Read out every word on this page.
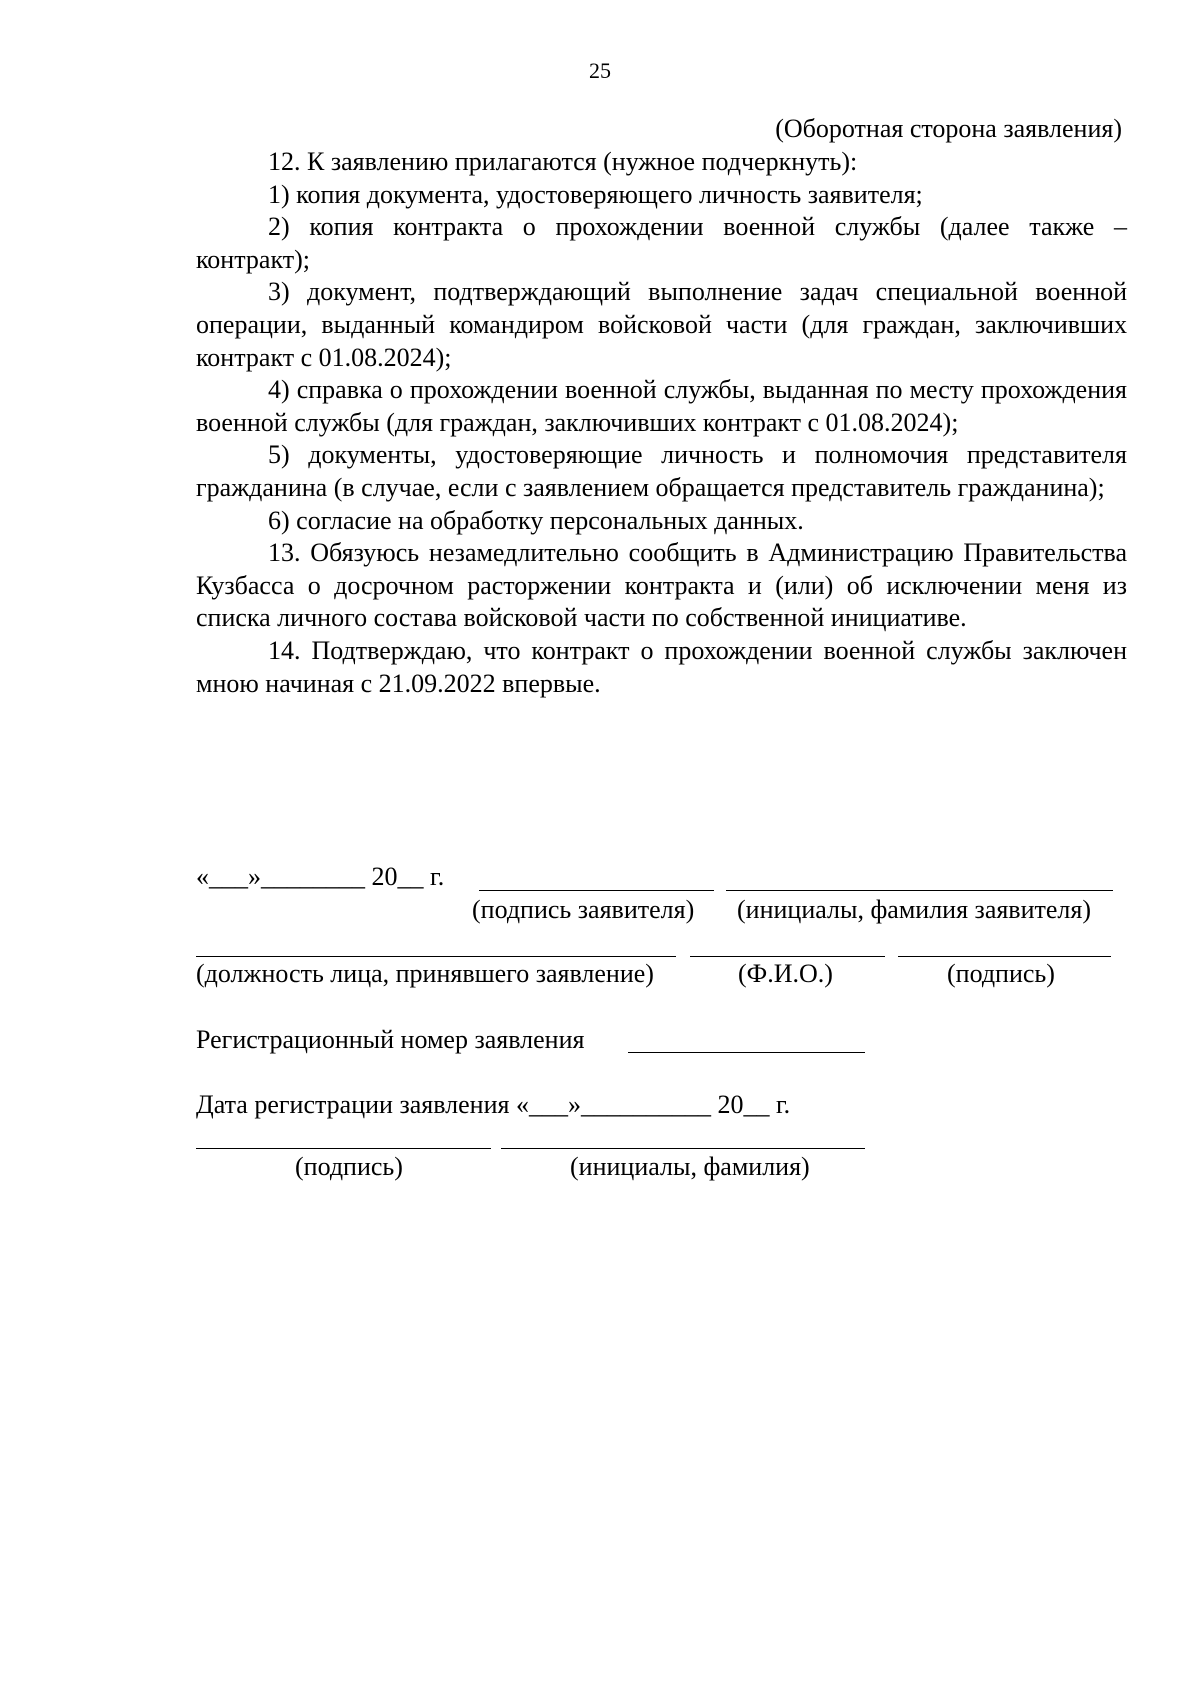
25
(Оборотная сторона заявления)

12. К заявлению прилагаются (нужное подчеркнуть):

1) копия документа, удостоверяющего личность заявителя;

2) копия контракта о прохождении военной службы (далее также – контракт);

3) документ, подтверждающий выполнение задач специальной военной операции, выданный командиром войсковой части (для граждан, заключивших контракт с 01.08.2024);

4) справка о прохождении военной службы, выданная по месту прохождения военной службы (для граждан, заключивших контракт с 01.08.2024);

5) документы, удостоверяющие личность и полномочия представителя гражданина (в случае, если с заявлением обращается представитель гражданина);

6) согласие на обработку персональных данных.

13. Обязуюсь незамедлительно сообщить в Администрацию Правительства Кузбасса о досрочном расторжении контракта и (или) об исключении меня из списка личного состава войсковой части по собственной инициативе.

14. Подтверждаю, что контракт о прохождении военной службы заключен мною начиная с 21.09.2022 впервые.

«___»________ 20__ г.
(подпись заявителя) (инициалы, фамилия заявителя)
(должность лица, принявшего заявление)	(Ф.И.О.)	(подпись)
Регистрационный номер заявления
Дата регистрации заявления «___»__________ 20__ г.
(подпись)	(инициалы, фамилия)
